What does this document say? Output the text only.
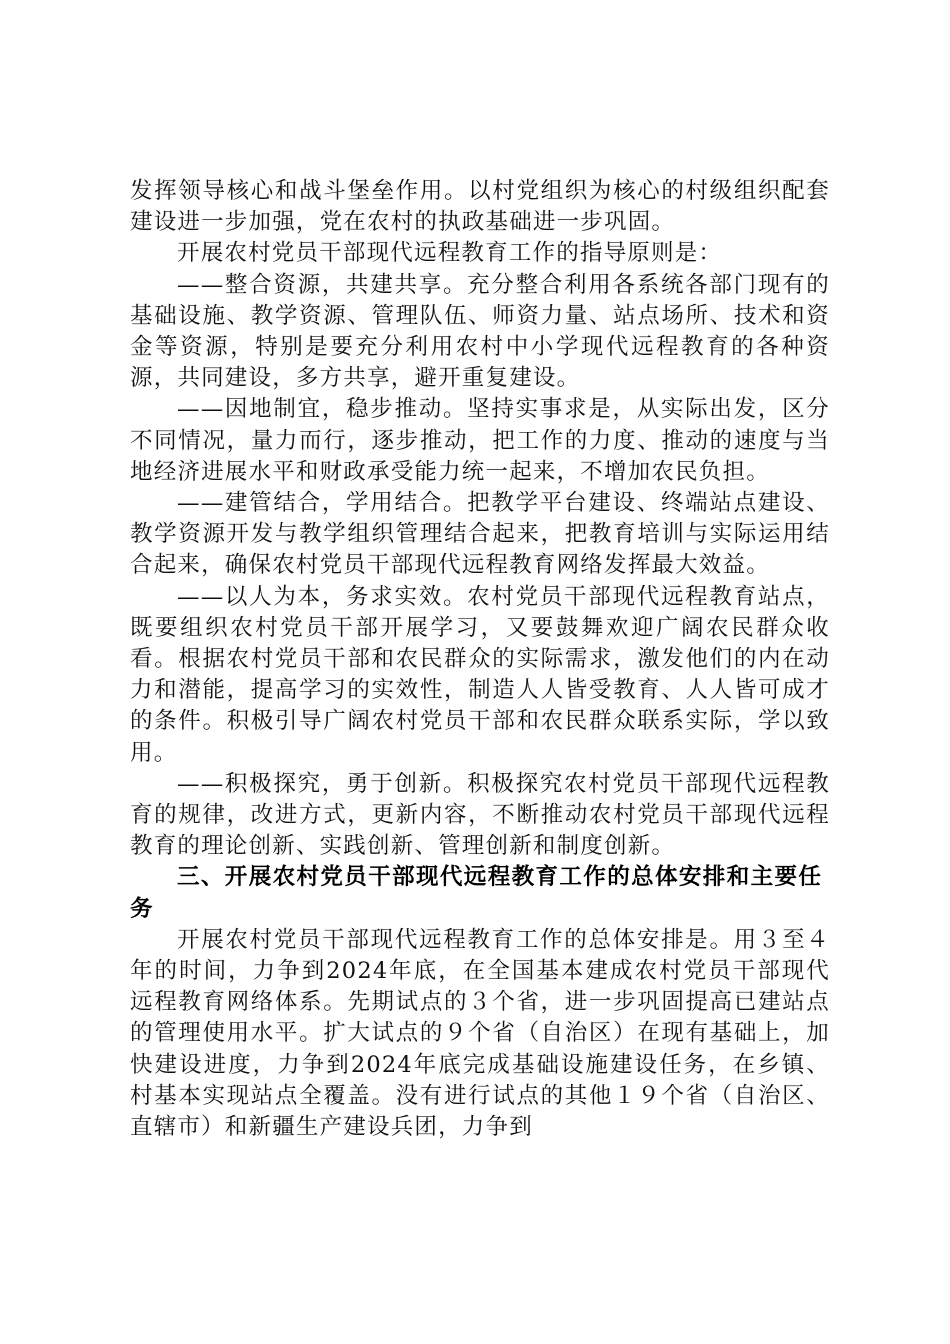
发挥领导核心和战斗堡垒作用。以村党组织为核心的村级组织配套建设进一步加强，党在农村的执政基础进一步巩固。

开展农村党员干部现代远程教育工作的指导原则是：

——整合资源，共建共享。充分整合利用各系统各部门现有的基础设施、教学资源、管理队伍、师资力量、站点场所、技术和资金等资源，特别是要充分利用农村中小学现代远程教育的各种资源，共同建设，多方共享，避开重复建设。

——因地制宜，稳步推动。坚持实事求是，从实际出发，区分不同情况，量力而行，逐步推动，把工作的力度、推动的速度与当地经济进展水平和财政承受能力统一起来，不增加农民负担。

——建管结合，学用结合。把教学平台建设、终端站点建设、教学资源开发与教学组织管理结合起来，把教育培训与实际运用结合起来，确保农村党员干部现代远程教育网络发挥最大效益。

——以人为本，务求实效。农村党员干部现代远程教育站点，既要组织农村党员干部开展学习，又要鼓舞欢迎广阔农民群众收看。根据农村党员干部和农民群众的实际需求，激发他们的内在动力和潜能，提高学习的实效性，制造人人皆受教育、人人皆可成才的条件。积极引导广阔农村党员干部和农民群众联系实际，学以致用。

——积极探究，勇于创新。积极探究农村党员干部现代远程教育的规律，改进方式，更新内容，不断推动农村党员干部现代远程教育的理论创新、实践创新、管理创新和制度创新。

三、开展农村党员干部现代远程教育工作的总体安排和主要任务

开展农村党员干部现代远程教育工作的总体安排是。用３至４年的时间，力争到2024年底，在全国基本建成农村党员干部现代远程教育网络体系。先期试点的３个省，进一步巩固提高已建站点的管理使用水平。扩大试点的９个省（自治区）在现有基础上，加快建设进度，力争到2024年底完成基础设施建设任务，在乡镇、村基本实现站点全覆盖。没有进行试点的其他１９个省（自治区、直辖市）和新疆生产建设兵团，力争到
